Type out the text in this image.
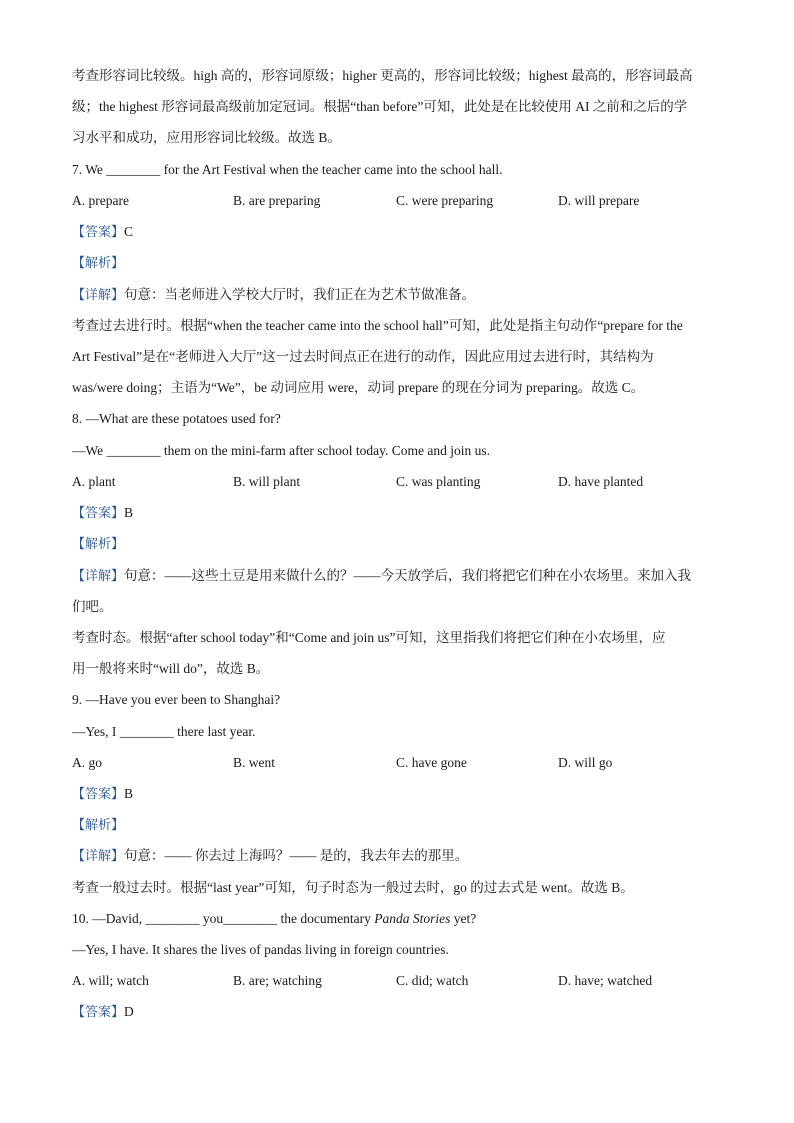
考查形容词比较级。high 高的，形容词原级；higher 更高的，形容词比较级；highest 最高的，形容词最高
级；the highest 形容词最高级前加定冠词。根据“than before”可知，此处是在比较使用 AI 之前和之后的学
习水平和成功，应用形容词比较级。故选 B。
7. We ________ for the Art Festival when the teacher came into the school hall.
A. prepare	B. are preparing	C. were preparing	D. will prepare
【答案】C
【解析】
【详解】句意：当老师进入学校大厅时，我们正在为艺术节做准备。
考查过去进行时。根据“when the teacher came into the school hall”可知，此处是指主句动作“prepare for the
Art Festival”是在“老师进入大厅”这一过去时间点正在进行的动作，因此应用过去进行时，其结构为
was/were doing；主语为“We”，be 动词应用 were，动词 prepare 的现在分词为 preparing。故选 C。
8. —What are these potatoes used for?
—We ________ them on the mini-farm after school today. Come and join us.
A. plant	B. will plant	C. was planting	D. have planted
【答案】B
【解析】
【详解】句意：——这些土豆是用来做什么的？——今天放学后，我们将把它们种在小农场里。来加入我
们吧。
考查时态。根据“after school today”和“Come and join us”可知，这里指我们将把它们种在小农场里，应
用一般将来时“will do”，故选 B。
9. —Have you ever been to Shanghai?
—Yes, I ________ there last year.
A. go	B. went	C. have gone	D. will go
【答案】B
【解析】
【详解】句意：—— 你去过上海吗？—— 是的，我去年去的那里。
考查一般过去时。根据“last year”可知，句子时态为一般过去时，go 的过去式是 went。故选 B。
10. —David, ________ you________ the documentary Panda Stories yet?
—Yes, I have. It shares the lives of pandas living in foreign countries.
A. will; watch	B. are; watching	C. did; watch	D. have; watched
【答案】D
